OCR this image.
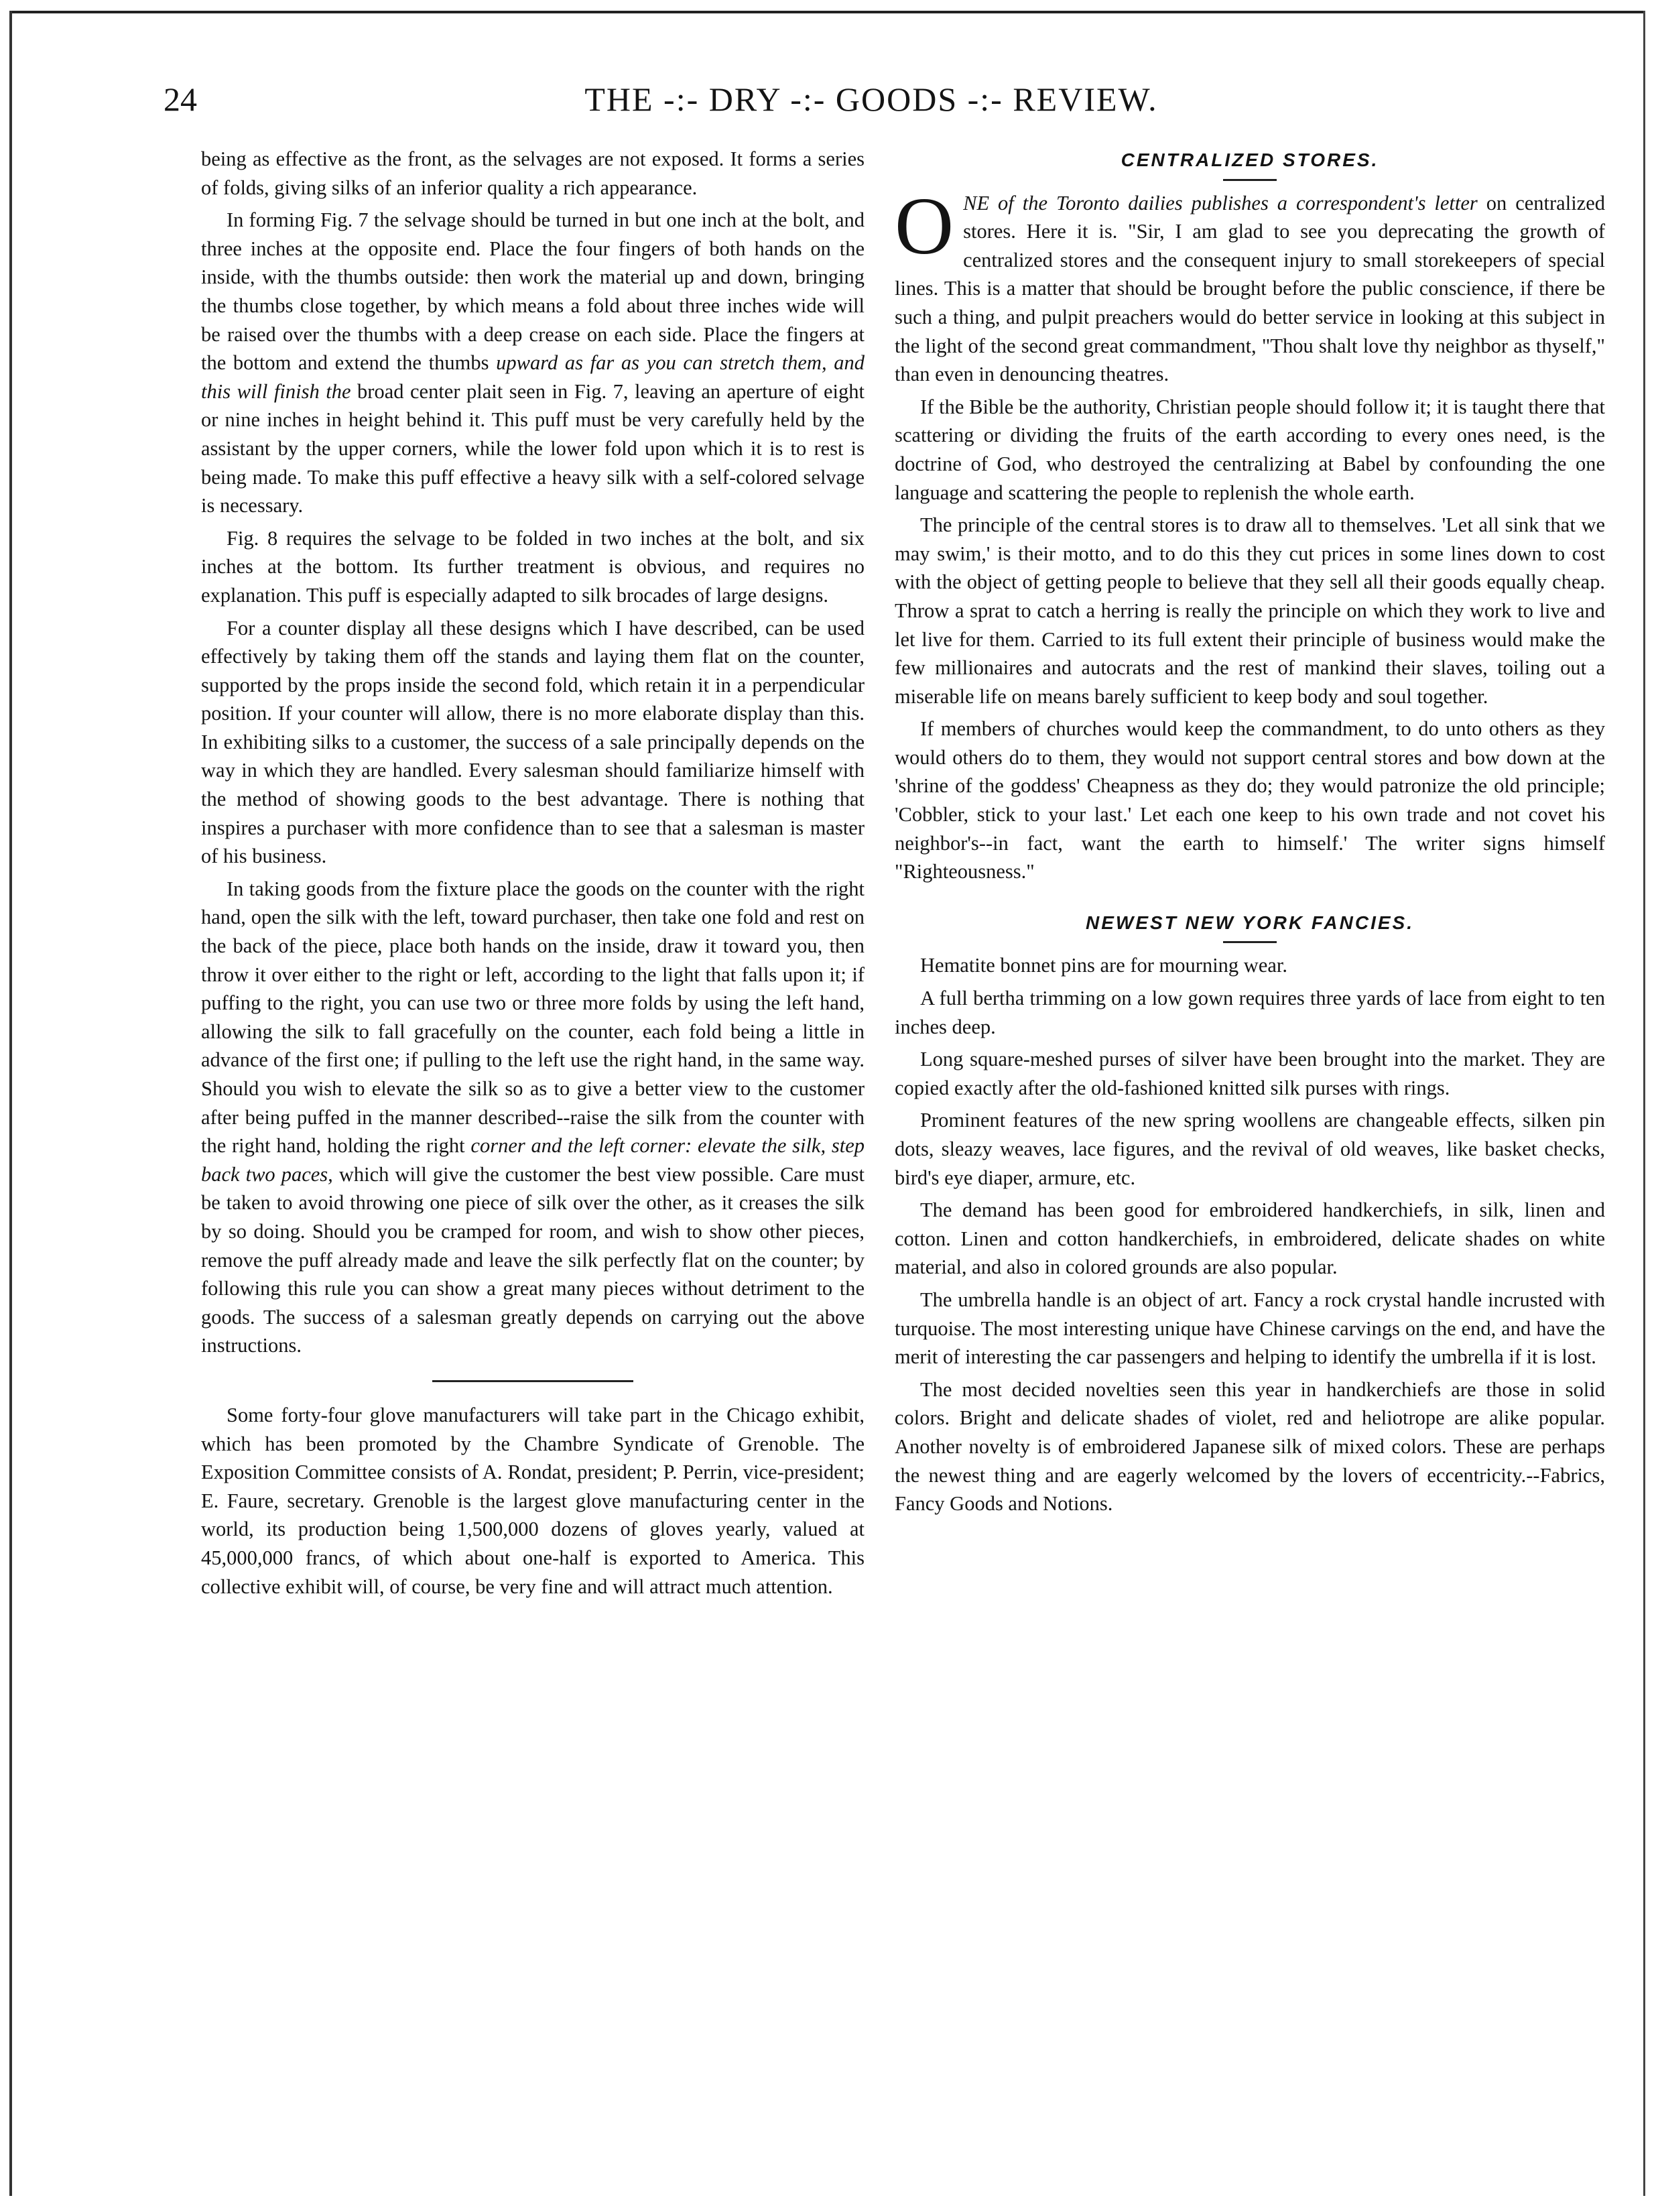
24	THE -:- DRY -:- GOODS -:- REVIEW.

being as effective as the front, as the selvages are not exposed. It forms a series of folds, giving silks of an inferior quality a rich appearance.

In forming Fig. 7 the selvage should be turned in but one inch at the bolt, and three inches at the opposite end. Place the four fingers of both hands on the inside, with the thumbs outside: then work the material up and down, bringing the thumbs close together, by which means a fold about three inches wide will be raised over the thumbs with a deep crease on each side. Place the fingers at the bottom and extend the thumbs upward as far as you can stretch them, and this will finish the broad center plait seen in Fig. 7, leaving an aperture of eight or nine inches in height behind it. This puff must be very carefully held by the assistant by the upper corners, while the lower fold upon which it is to rest is being made. To make this puff effective a heavy silk with a self-colored selvage is necessary.

Fig. 8 requires the selvage to be folded in two inches at the bolt, and six inches at the bottom. Its further treatment is obvious, and requires no explanation. This puff is especially adapted to silk brocades of large designs.

For a counter display all these designs which I have described, can be used effectively by taking them off the stands and laying them flat on the counter, supported by the props inside the second fold, which retain it in a perpendicular position. If your counter will allow, there is no more elaborate display than this. In exhibiting silks to a customer, the success of a sale principally depends on the way in which they are handled. Every salesman should familiarize himself with the method of showing goods to the best advantage. There is nothing that inspires a purchaser with more confidence than to see that a salesman is master of his business.

In taking goods from the fixture place the goods on the counter with the right hand, open the silk with the left, toward purchaser, then take one fold and rest on the back of the piece, place both hands on the inside, draw it toward you, then throw it over either to the right or left, according to the light that falls upon it; if puffing to the right, you can use two or three more folds by using the left hand, allowing the silk to fall gracefully on the counter, each fold being a little in advance of the first one; if pulling to the left use the right hand, in the same way. Should you wish to elevate the silk so as to give a better view to the customer after being puffed in the manner described--raise the silk from the counter with the right hand, holding the right corner and the left corner: elevate the silk, step back two paces, which will give the customer the best view possible. Care must be taken to avoid throwing one piece of silk over the other, as it creases the silk by so doing. Should you be cramped for room, and wish to show other pieces, remove the puff already made and leave the silk perfectly flat on the counter; by following this rule you can show a great many pieces without detriment to the goods. The success of a salesman greatly depends on carrying out the above instructions.

Some forty-four glove manufacturers will take part in the Chicago exhibit, which has been promoted by the Chambre Syndicate of Grenoble. The Exposition Committee consists of A. Rondat, president; P. Perrin, vice-president; E. Faure, secretary. Grenoble is the largest glove manufacturing center in the world, its production being 1,500,000 dozens of gloves yearly, valued at 45,000,000 francs, of which about one-half is exported to America. This collective exhibit will, of course, be very fine and will attract much attention.

CENTRALIZED STORES.

ONE of the Toronto dailies publishes a correspondent's letter on centralized stores. Here it is. "Sir, I am glad to see you deprecating the growth of centralized stores and the consequent injury to small storekeepers of special lines. This is a matter that should be brought before the public conscience, if there be such a thing, and pulpit preachers would do better service in looking at this subject in the light of the second great commandment, "Thou shalt love thy neighbor as thyself," than even in denouncing theatres.

If the Bible be the authority, Christian people should follow it; it is taught there that scattering or dividing the fruits of the earth according to every ones need, is the doctrine of God, who destroyed the centralizing at Babel by confounding the one language and scattering the people to replenish the whole earth.

The principle of the central stores is to draw all to themselves. 'Let all sink that we may swim,' is their motto, and to do this they cut prices in some lines down to cost with the object of getting people to believe that they sell all their goods equally cheap. Throw a sprat to catch a herring is really the principle on which they work to live and let live for them. Carried to its full extent their principle of business would make the few millionaires and autocrats and the rest of mankind their slaves, toiling out a miserable life on means barely sufficient to keep body and soul together.

If members of churches would keep the commandment, to do unto others as they would others do to them, they would not support central stores and bow down at the 'shrine of the goddess' Cheapness as they do; they would patronize the old principle; 'Cobbler, stick to your last.' Let each one keep to his own trade and not covet his neighbor's--in fact, want the earth to himself.' The writer signs himself "Righteousness."

NEWEST NEW YORK FANCIES.

Hematite bonnet pins are for mourning wear.

A full bertha trimming on a low gown requires three yards of lace from eight to ten inches deep.

Long square-meshed purses of silver have been brought into the market. They are copied exactly after the old-fashioned knitted silk purses with rings.

Prominent features of the new spring woollens are changeable effects, silken pin dots, sleazy weaves, lace figures, and the revival of old weaves, like basket checks, bird's eye diaper, armure, etc.

The demand has been good for embroidered handkerchiefs, in silk, linen and cotton. Linen and cotton handkerchiefs, in embroidered, delicate shades on white material, and also in colored grounds are also popular.

The umbrella handle is an object of art. Fancy a rock crystal handle incrusted with turquoise. The most interesting unique have Chinese carvings on the end, and have the merit of interesting the car passengers and helping to identify the umbrella if it is lost.

The most decided novelties seen this year in handkerchiefs are those in solid colors. Bright and delicate shades of violet, red and heliotrope are alike popular. Another novelty is of embroidered Japanese silk of mixed colors. These are perhaps the newest thing and are eagerly welcomed by the lovers of eccentricity.--Fabrics, Fancy Goods and Notions.
